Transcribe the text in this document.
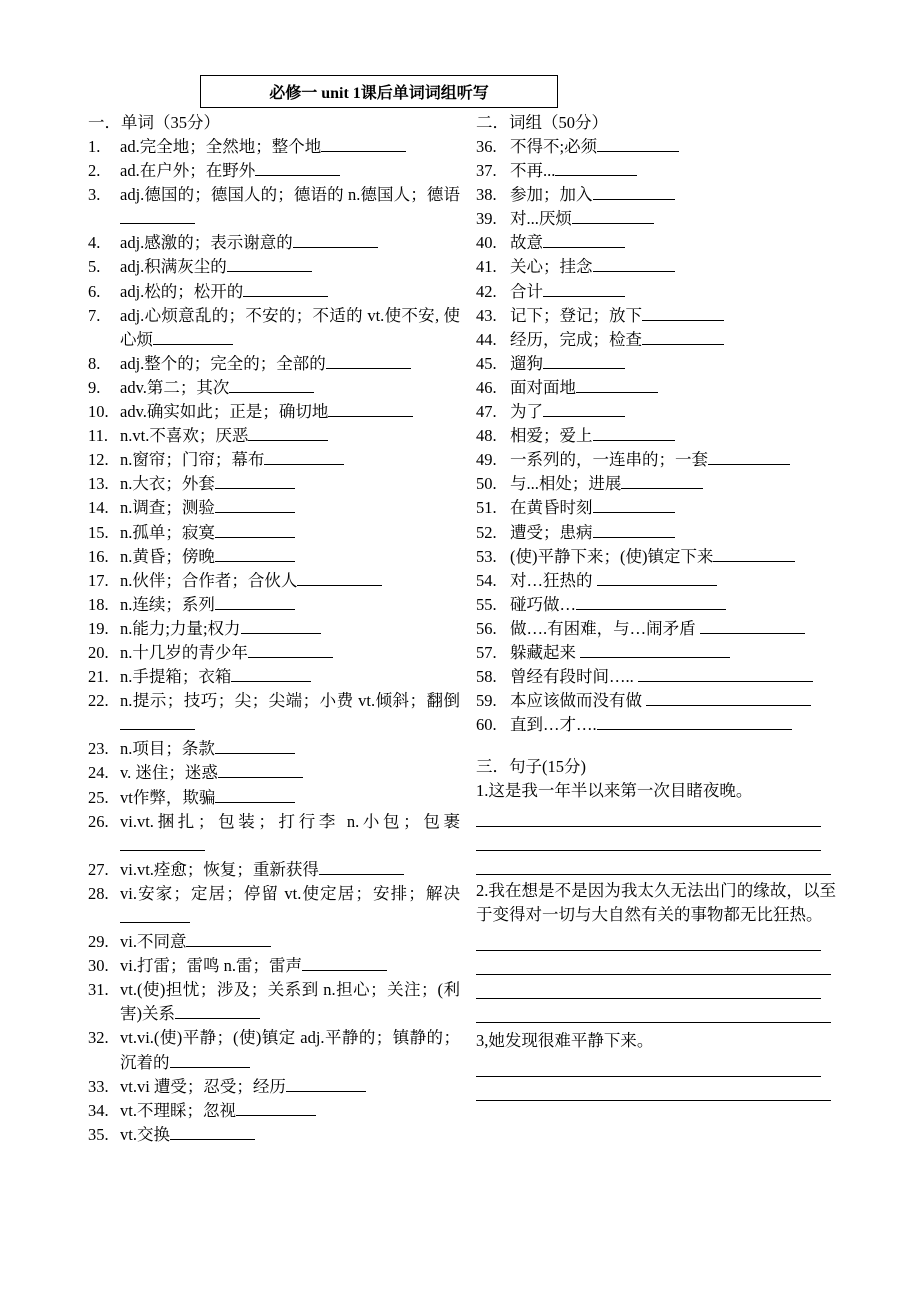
必修一 unit 1课后单词词组听写
一．单词（35分）
1.	ad.完全地；全然地；整个地
2.	ad.在户外；在野外
3.	adj.德国的；德国人的；德语的 n.德国人；德语
4.	adj.感激的；表示谢意的
5.	adj.积满灰尘的
6.	adj.松的；松开的
7.	adj.心烦意乱的；不安的；不适的 vt.使不安, 使心烦
8.	adj.整个的；完全的；全部的
9.	adv.第二；其次
10. adv.确实如此；正是；确切地
11. n.vt.不喜欢；厌恶
12. n.窗帘；门帘；幕布
13. n.大衣；外套
14. n.调查；测验
15. n.孤单；寂寞
16. n.黄昏；傍晚
17. n.伙伴；合作者；合伙人
18. n.连续；系列
19. n.能力;力量;权力
20. n.十几岁的青少年
21. n.手提箱；衣箱
22. n.提示；技巧；尖；尖端；小费 vt.倾斜；翻倒
23. n.项目；条款
24. v. 迷住；迷惑
25. vt作弊，欺骗
26. vi.vt.捆扎；包装；打行李 n.小包；包裹
27. vi.vt.痊愈；恢复；重新获得
28. vi.安家；定居；停留 vt.使定居；安排；解决
29. vi.不同意
30. vi.打雷；雷鸣 n.雷；雷声
31. vt.(使)担忧；涉及；关系到 n.担心；关注；(利害)关系
32. vt.vi.(使)平静；(使)镇定 adj.平静的；镇静的；沉着的
33. vt.vi 遭受；忍受；经历
34. vt.不理睬；忽视
35. vt.交换
二．词组（50分）
36. 不得不;必须
37. 不再...
38. 参加；加入
39. 对...厌烦
40. 故意
41. 关心；挂念
42. 合计
43. 记下；登记；放下
44. 经历，完成；检查
45. 遛狗
46. 面对面地
47. 为了
48. 相爱；爱上
49. 一系列的，一连串的；一套
50. 与...相处；进展
51. 在黄昏时刻
52. 遭受；患病
53. (使)平静下来；(使)镇定下来
54. 对…狂热的
55. 碰巧做…
56. 做….有困难，与…闹矛盾
57. 躲藏起来
58. 曾经有段时间…..
59. 本应该做而没有做
60. 直到…才….
三．句子(15分)
1.这是我一年半以来第一次目睹夜晚。
2.我在想是不是因为我太久无法出门的缘故，以至于变得对一切与大自然有关的事物都无比狂热。
3,她发现很难平静下来。
